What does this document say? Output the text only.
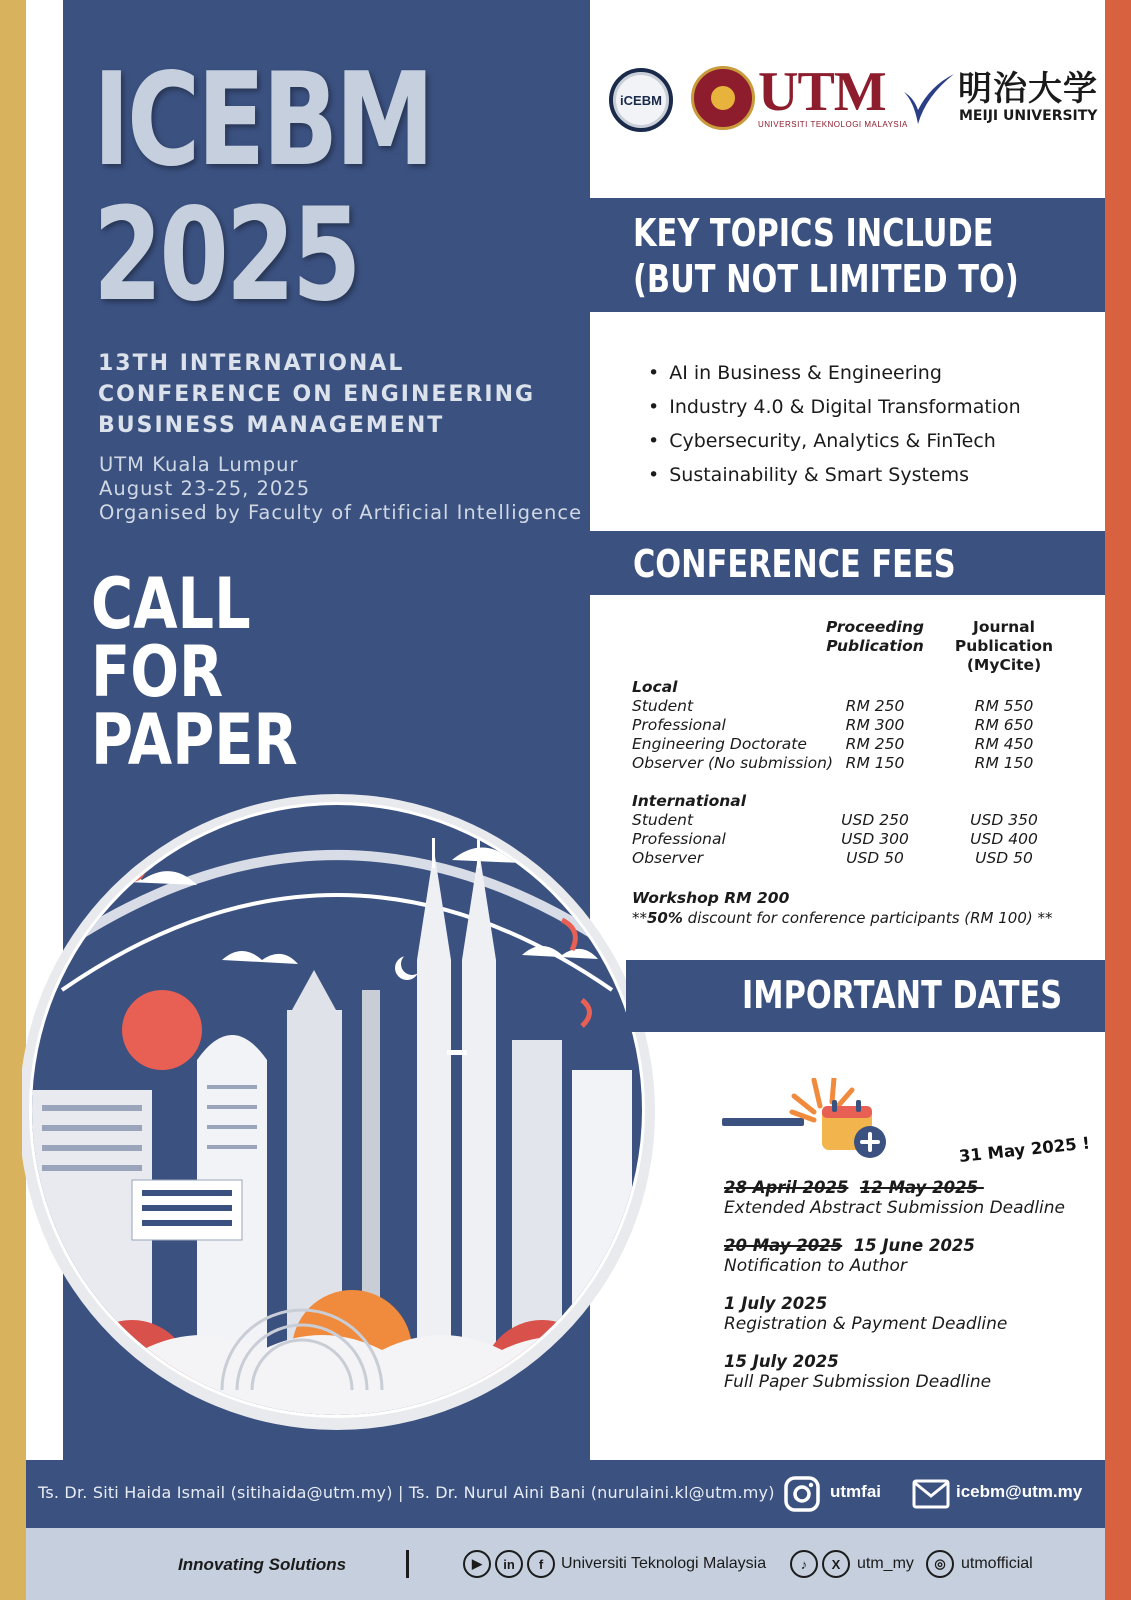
ICEBM
2025
13TH INTERNATIONAL
CONFERENCE ON ENGINEERING
BUSINESS MANAGEMENT
UTM Kuala Lumpur
August 23-25, 2025
Organised by Faculty of Artificial Intelligence
CALL
FOR
PAPER
iCEBM UTM
UNIVERSITI TEKNOLOGI MALAYSIA
明治大学
MEIJI UNIVERSITY
KEY TOPICS INCLUDE
(BUT NOT LIMITED TO)
• AI in Business & Engineering
• Industry 4.0 & Digital Transformation
• Cybersecurity, Analytics & FinTech
• Sustainability & Smart Systems
CONFERENCE FEES
Proceeding
Publication
Journal
Publication
(MyCite)
Local
Student	RM 250	RM 550
Professional	RM 300	RM 650
Engineering Doctorate	RM 250	RM 450
Observer (No submission) RM 150	RM 150
International
Student	USD 250	USD 350
Professional	USD 300	USD 400
Observer	USD 50	USD 50
Workshop RM 200
**50% discount for conference participants (RM 100) **
IMPORTANT DATES
31 May 2025 !
28 April 2025 12 May 2025
Extended Abstract Submission Deadline
20 May 2025 15 June 2025
Notification to Author
1 July 2025
Registration & Payment Deadline
15 July 2025
Full Paper Submission Deadline
Ts. Dr. Siti Haida Ismail (sitihaida@utm.my) | Ts. Dr. Nurul Aini Bani (nurulaini.kl@utm.my)	utmfai	icebm@utm.my
Innovating Solutions	▶	in	f	Universiti Teknologi Malaysia	♪	X	utm_my	◎ utmofficial
